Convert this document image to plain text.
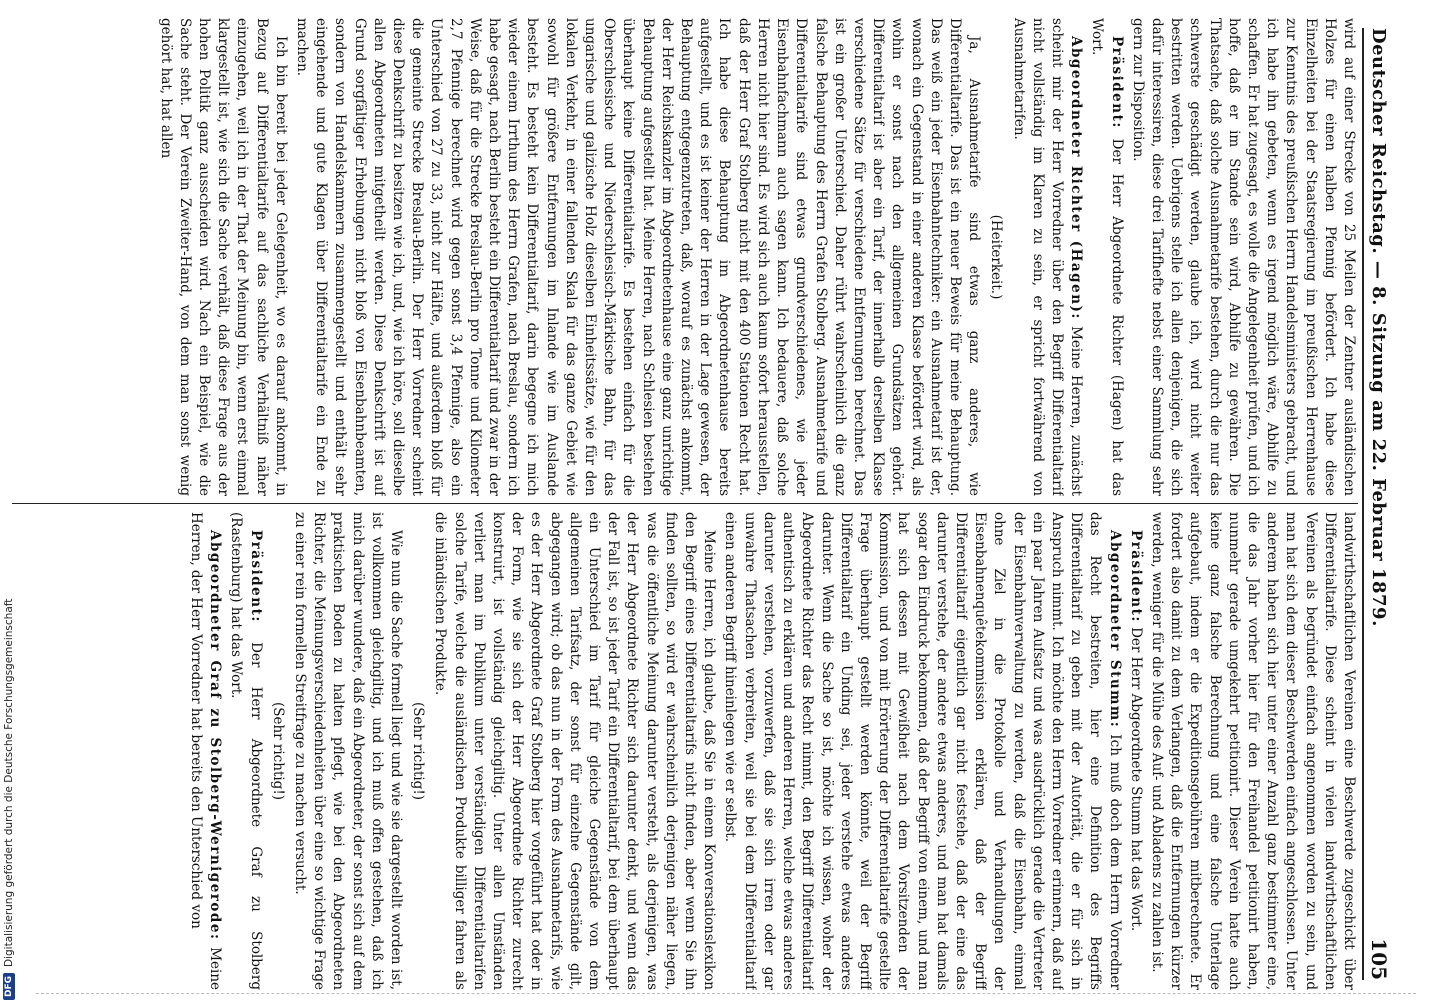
Deutscher Reichstag. — 8. Sitzung am 22. Februar 1879.
105

wird auf einer Strecke von 25 Meilen der Zentner ausländischen Holzes für einen halben Pfennig befördert. Ich habe diese Einzelheiten bei der Staatsregierung im preußischen Herrenhause zur Kenntnis des preußischen Herrn Handelsministers gebracht, und ich habe ihn gebeten, wenn es irgend möglich wäre, Abhilfe zu schaffen. Er hat zugesagt, es wolle die Angelegenheit prüfen, und ich hoffe, daß er im Stande sein wird, Abhilfe zu gewähren. Die Thatsache, daß solche Ausnahmetarife bestehen, durch die nur das schwerste geschädigt werden, glaube ich, wird nicht weiter bestritten werden. Uebrigens stelle ich allen denjenigen, die sich dafür interessiren, diese drei Tarifhefte nebst einer Sammlung sehr gern zur Disposition.

Präsident: Der Herr Abgeordnete Richter (Hagen) hat das Wort.

Abgeordneter Richter (Hagen): Meine Herren, zunächst scheint mir der Herr Vorredner über den Begriff Differentialtarif nicht vollständig im Klaren zu sein, er spricht fortwährend von Ausnahmetarifen.

(Heiterkeit.)

Ja, Ausnahmetarife sind etwas ganz anderes, wie Differentialtarife. Das ist ein neuer Beweis für meine Behauptung. Das weiß ein jeder Eisenbahntechniker: ein Ausnahmetarif ist der, wonach ein Gegenstand in einer anderen Klasse befördert wird, als wohin er sonst nach den allgemeinen Grundsätzen gehört. Differentialtarif ist aber ein Tarif, der innerhalb derselben Klasse verschiedene Sätze für verschiedene Entfernungen berechnet. Das ist ein großer Unterschied. Daher rührt wahrscheinlich die ganz falsche Behauptung des Herrn Grafen Stolberg. Ausnahmetarife und Differentialtarife sind etwas grundverschiedenes, wie jeder Eisenbahnfachmann auch sagen kann. Ich bedauere, daß solche Herren nicht hier sind. Es wird sich auch kaum sofort herausstellen, daß der Herr Graf Stolberg nicht mit den 400 Stationen Recht hat. Ich habe diese Behauptung im Abgeordnetenhause bereits aufgestellt, und es ist keiner der Herren in der Lage gewesen, der Behauptung entgegenzutreten, daß, worauf es zunächst ankommt, der Herr Reichskanzler im Abgeordnetenhause eine ganz unrichtige Behauptung aufgestellt hat. Meine Herren, nach Schlesien bestehen überhaupt keine Differentialtarife. Es bestehen einfach für die Oberschlesische und Niederschlesisch-Märkische Bahn, für das ungarische und galizische Holz dieselben Einheitssätze, wie für den lokalen Verkehr, in einer fallenden Skala für das ganze Gebiet wie sowohl für größere Entfernungen im Inlande wie im Auslande besteht. Es besteht kein Differentialtarif, darin begegne ich mich wieder einem Irrthum des Herrn Grafen, nach Breslau, sondern ich habe gesagt, nach Berlin besteht ein Differentialtarif und zwar in der Weise, daß für die Strecke Breslau-Berlin pro Tonne und Kilometer 2,7 Pfennige berechnet wird gegen sonst 3,4 Pfennige, also ein Unterschied von 27 zu 33, nicht zur Hälfte, und außerdem bloß für die gemeinte Strecke Breslau-Berlin. Der Herr Vorredner scheint diese Denkschrift zu besitzen wie ich, und, wie ich höre, soll dieselbe allen Abgeordneten mitgetheilt werden. Diese Denkschrift ist auf Grund sorgfältiger Erhebungen nicht bloß von Eisenbahnbeamten, sondern von Handelskammern zusammengestellt und enthält sehr eingehende und gute Klagen über Differentialtarife ein Ende zu machen.

Ich bin bereit bei jeder Gelegenheit, wo es darauf ankommt, in Bezug auf Differentialtarife auf das sachliche Verhältniß näher einzugehen, weil ich in der That der Meinung bin, wenn erst einmal klargestellt ist, wie sich die Sache verhält, daß diese Frage aus der hohen Politik ganz ausscheiden wird. Nach ein Beispiel, wie die Sache steht. Der Verein Zweiter-Hand, von dem man sonst wenig gehört hat, hat allen

landwirthschaftlichen Vereinen eine Beschwerde zugeschickt über Differentialtarife. Diese scheint in vielen landwirthschaftlichen Vereinen als begründet einfach angenommen worden zu sein, und man hat sich dem dieser Beschwerden einfach angeschlossen. Unter anderem haben sich hier unter einer Anzahl ganz bestimmter eine, die das Jahr vorher hier für den Freihandel petitionirt haben, nunmehr gerade umgekehrt petitionirt. Dieser Verein hatte auch keine ganz falsche Berechnung und eine falsche Unterlage aufgebaut, indem er die Expeditionsgebühren mitberechnete. Er fordert also damit zu dem Verlangen, daß die Entfernungen kürzer werden, weniger für die Mühe des Auf- und Abladens zu zahlen ist.

Präsident: Der Herr Abgeordnete Stumm hat das Wort.

Abgeordneter Stumm: Ich muß doch dem Herrn Vorredner das Recht bestreiten, hier eine Definition des Begriffs Differentialtarif zu geben mit der Autorität, die er für sich in Anspruch nimmt. Ich möchte den Herrn Vorredner erinnern, daß auf ein paar Jahren Aufsatz und was ausdrücklich gerade die Vertreter der Eisenbahnverwaltung zu werden, daß die Eisenbahn, einmal ohne Ziel in die Protokolle und Verhandlungen der Eisenbahnenquêtekommission erklären, daß der Begriff Differentialtarif eigentlich gar nicht feststehe, daß der eine das darunter verstehe, der andere etwas anderes, und man hat damals sogar den Eindruck bekommen, daß der Begriff von einem, und man hat sich dessen mit Gewißheit nach dem Vorsitzenden der Kommission, und von mit Erörterung der Differentialtarife gestellte Frage überhaupt gestellt werden könnte, weil der Begriff Differentialtarif ein Unding sei, jeder verstehe etwas anderes darunter. Wenn die Sache so ist, möchte ich wissen, woher der Abgeordnete Richter das Recht nimmt, den Begriff Differentialtarif authentisch zu erklären und anderen Herren, welche etwas anderes darunter verstehen, vorzuwerfen, daß sie sich irren oder gar unwahre Thatsachen verbreiten, weil sie bei dem Differentialtarif einen anderen Begriff hineinlegen wie er selbst.

Meine Herren, ich glaube, daß Sie in einem Konversationslexikon den Begriff eines Differentialtarifs nicht finden, aber wenn Sie ihn finden sollten, so wird er wahrscheinlich derjenigen näher liegen, was die öffentliche Meinung darunter versteht, als derjenigen, was der Herr Abgeordnete Richter sich darunter denkt, und wenn das der Fall ist, so ist jeder Tarif ein Differentialtarif, bei dem überhaupt ein Unterschied im Tarif für gleiche Gegenstände von dem allgemeinen Tarifsatz, der sonst für einzelne Gegenstände gilt, abgegangen wird; ob das nun in der Form des Ausnahmetarifs, wie es der Herr Abgeordnete Graf Stolberg hier vorgeführt hat oder in der Form, wie sie sich der Herr Abgeordnete Richter zurecht konstruirt, ist vollständig gleichgiltig. Unter allen Umständen verliert man im Publikum unter verständigen Differentialtarifen solche Tarife, welche die ausländischen Produkte billiger fahren als die inländischen Produkte.

(Sehr richtig!)

Wie nun die Sache formell liegt und wie sie dargestellt worden ist, ist vollkommen gleichgiltig, und ich muß offen gestehen, daß ich mich darüber wundere, daß ein Abgeordneter, der sonst sich auf dem praktischen Boden zu halten pflegt, wie bei den Abgeordneten Richter, die Meinungsverschiedenheiten über eine so wichtige Frage zu einer rein formellen Streitfrage zu machen versucht.

(Sehr richtig!)

Präsident: Der Herr Abgeordnete Graf zu Stolberg (Rastenburg) hat das Wort.

Abgeordneter Graf zu Stolberg-Wernigerode: Meine Herren, der Herr Vorredner hat bereits den Unterschied von

DFG
Digitalisierung gefördert durch die Deutsche Forschungsgemeinschaft
